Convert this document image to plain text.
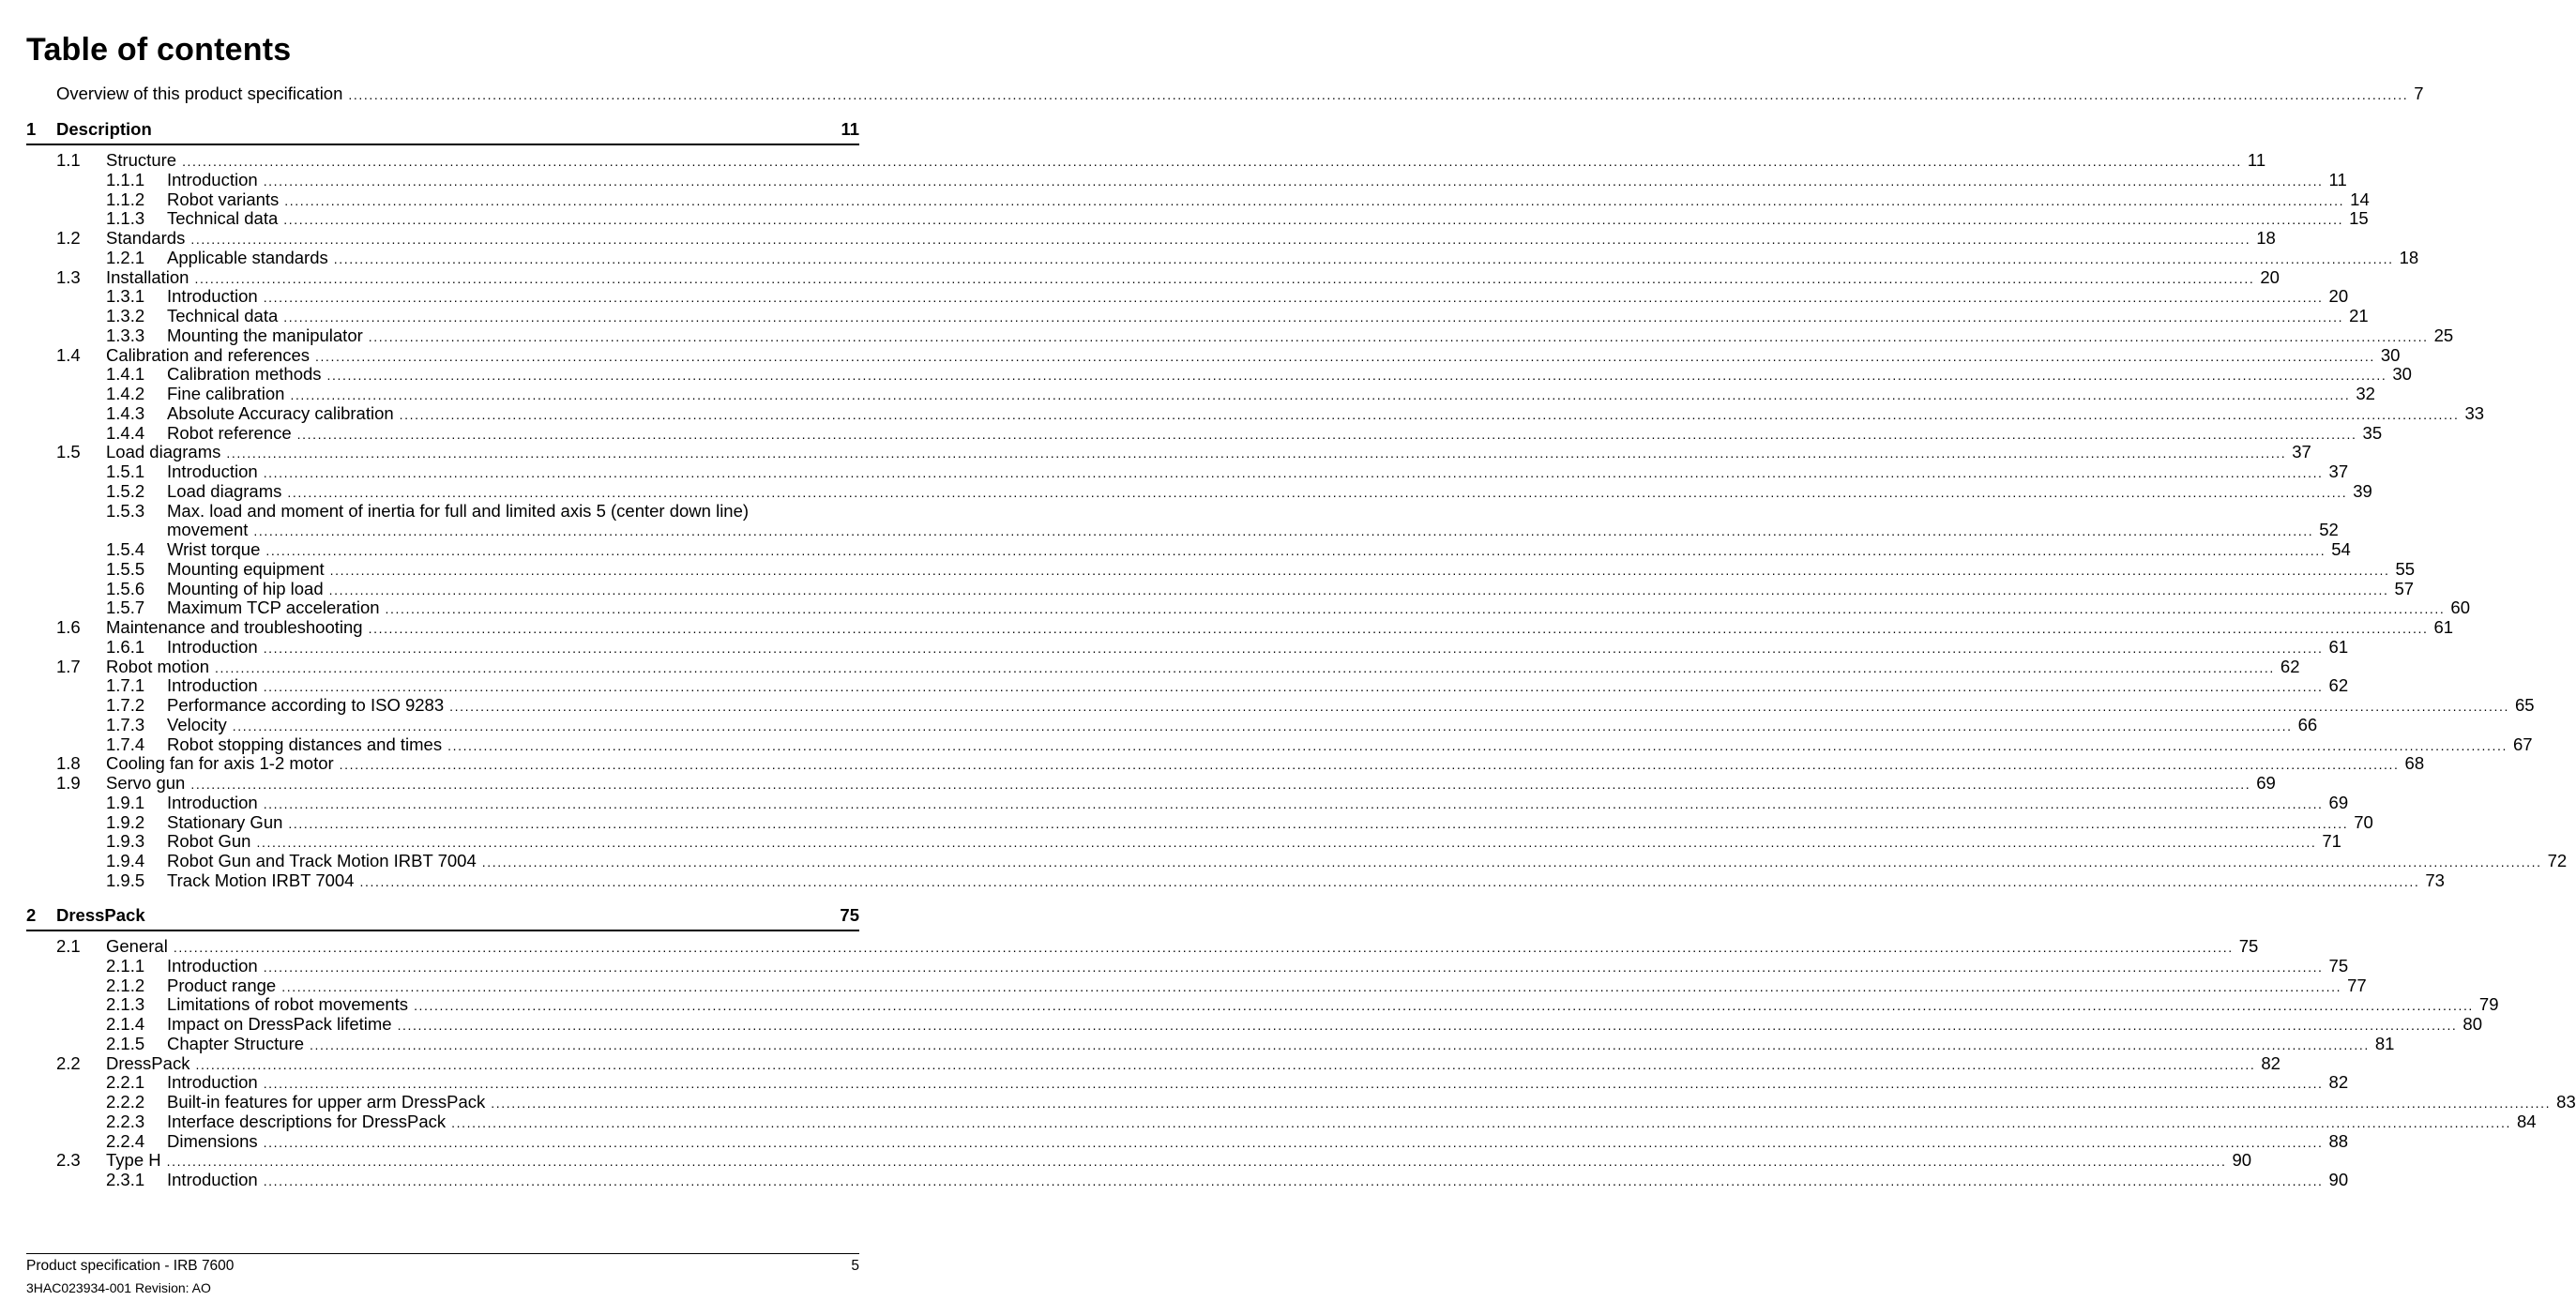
Table of contents
Overview of this product specification ................................................................................................................................................................................................................................................................................................................................................................................................................ 7
1 Description	11
1.1 Structure ................................................................................................................................................................................................................................................................................................................................................................................................................ 11
1.1.1 Introduction ................................................................................................................................................................................................................................................................................................................................................................................................................ 11
1.1.2 Robot variants ................................................................................................................................................................................................................................................................................................................................................................................................................ 14
1.1.3 Technical data ................................................................................................................................................................................................................................................................................................................................................................................................................ 15
1.2 Standards ................................................................................................................................................................................................................................................................................................................................................................................................................ 18
1.2.1 Applicable standards ................................................................................................................................................................................................................................................................................................................................................................................................................ 18
1.3 Installation ................................................................................................................................................................................................................................................................................................................................................................................................................ 20
1.3.1 Introduction ................................................................................................................................................................................................................................................................................................................................................................................................................ 20
1.3.2 Technical data ................................................................................................................................................................................................................................................................................................................................................................................................................ 21
1.3.3 Mounting the manipulator ................................................................................................................................................................................................................................................................................................................................................................................................................ 25
1.4 Calibration and references ................................................................................................................................................................................................................................................................................................................................................................................................................ 30
1.4.1 Calibration methods ................................................................................................................................................................................................................................................................................................................................................................................................................ 30
1.4.2 Fine calibration ................................................................................................................................................................................................................................................................................................................................................................................................................ 32
1.4.3 Absolute Accuracy calibration ................................................................................................................................................................................................................................................................................................................................................................................................................ 33
1.4.4 Robot reference ................................................................................................................................................................................................................................................................................................................................................................................................................ 35
1.5 Load diagrams ................................................................................................................................................................................................................................................................................................................................................................................................................ 37
1.5.1 Introduction ................................................................................................................................................................................................................................................................................................................................................................................................................ 37
1.5.2 Load diagrams ................................................................................................................................................................................................................................................................................................................................................................................................................ 39
1.5.3 Max. load and moment of inertia for full and limited axis 5 (center down line)
movement ................................................................................................................................................................................................................................................................................................................................................................................................................ 52
1.5.4 Wrist torque ................................................................................................................................................................................................................................................................................................................................................................................................................ 54
1.5.5 Mounting equipment ................................................................................................................................................................................................................................................................................................................................................................................................................ 55
1.5.6 Mounting of hip load ................................................................................................................................................................................................................................................................................................................................................................................................................ 57
1.5.7 Maximum TCP acceleration ................................................................................................................................................................................................................................................................................................................................................................................................................ 60
1.6 Maintenance and troubleshooting ................................................................................................................................................................................................................................................................................................................................................................................................................ 61
1.6.1 Introduction ................................................................................................................................................................................................................................................................................................................................................................................................................ 61
1.7 Robot motion ................................................................................................................................................................................................................................................................................................................................................................................................................ 62
1.7.1 Introduction ................................................................................................................................................................................................................................................................................................................................................................................................................ 62
1.7.2 Performance according to ISO 9283 ................................................................................................................................................................................................................................................................................................................................................................................................................ 65
1.7.3 Velocity ................................................................................................................................................................................................................................................................................................................................................................................................................ 66
1.7.4 Robot stopping distances and times ................................................................................................................................................................................................................................................................................................................................................................................................................ 67
1.8 Cooling fan for axis 1-2 motor ................................................................................................................................................................................................................................................................................................................................................................................................................ 68
1.9 Servo gun ................................................................................................................................................................................................................................................................................................................................................................................................................ 69
1.9.1 Introduction ................................................................................................................................................................................................................................................................................................................................................................................................................ 69
1.9.2 Stationary Gun ................................................................................................................................................................................................................................................................................................................................................................................................................ 70
1.9.3 Robot Gun ................................................................................................................................................................................................................................................................................................................................................................................................................ 71
1.9.4 Robot Gun and Track Motion IRBT 7004 ................................................................................................................................................................................................................................................................................................................................................................................................................ 72
1.9.5 Track Motion IRBT 7004 ................................................................................................................................................................................................................................................................................................................................................................................................................ 73
2 DressPack	75
2.1 General ................................................................................................................................................................................................................................................................................................................................................................................................................ 75
2.1.1 Introduction ................................................................................................................................................................................................................................................................................................................................................................................................................ 75
2.1.2 Product range ................................................................................................................................................................................................................................................................................................................................................................................................................ 77
2.1.3 Limitations of robot movements ................................................................................................................................................................................................................................................................................................................................................................................................................ 79
2.1.4 Impact on DressPack lifetime ................................................................................................................................................................................................................................................................................................................................................................................................................ 80
2.1.5 Chapter Structure ................................................................................................................................................................................................................................................................................................................................................................................................................ 81
2.2 DressPack ................................................................................................................................................................................................................................................................................................................................................................................................................ 82
2.2.1 Introduction ................................................................................................................................................................................................................................................................................................................................................................................................................ 82
2.2.2 Built-in features for upper arm DressPack ................................................................................................................................................................................................................................................................................................................................................................................................................ 83
2.2.3 Interface descriptions for DressPack ................................................................................................................................................................................................................................................................................................................................................................................................................ 84
2.2.4 Dimensions ................................................................................................................................................................................................................................................................................................................................................................................................................ 88
2.3 Type H ................................................................................................................................................................................................................................................................................................................................................................................................................ 90
2.3.1 Introduction ................................................................................................................................................................................................................................................................................................................................................................................................................ 90
Product specification - IRB 7600	5
3HAC023934-001 Revision: AO
